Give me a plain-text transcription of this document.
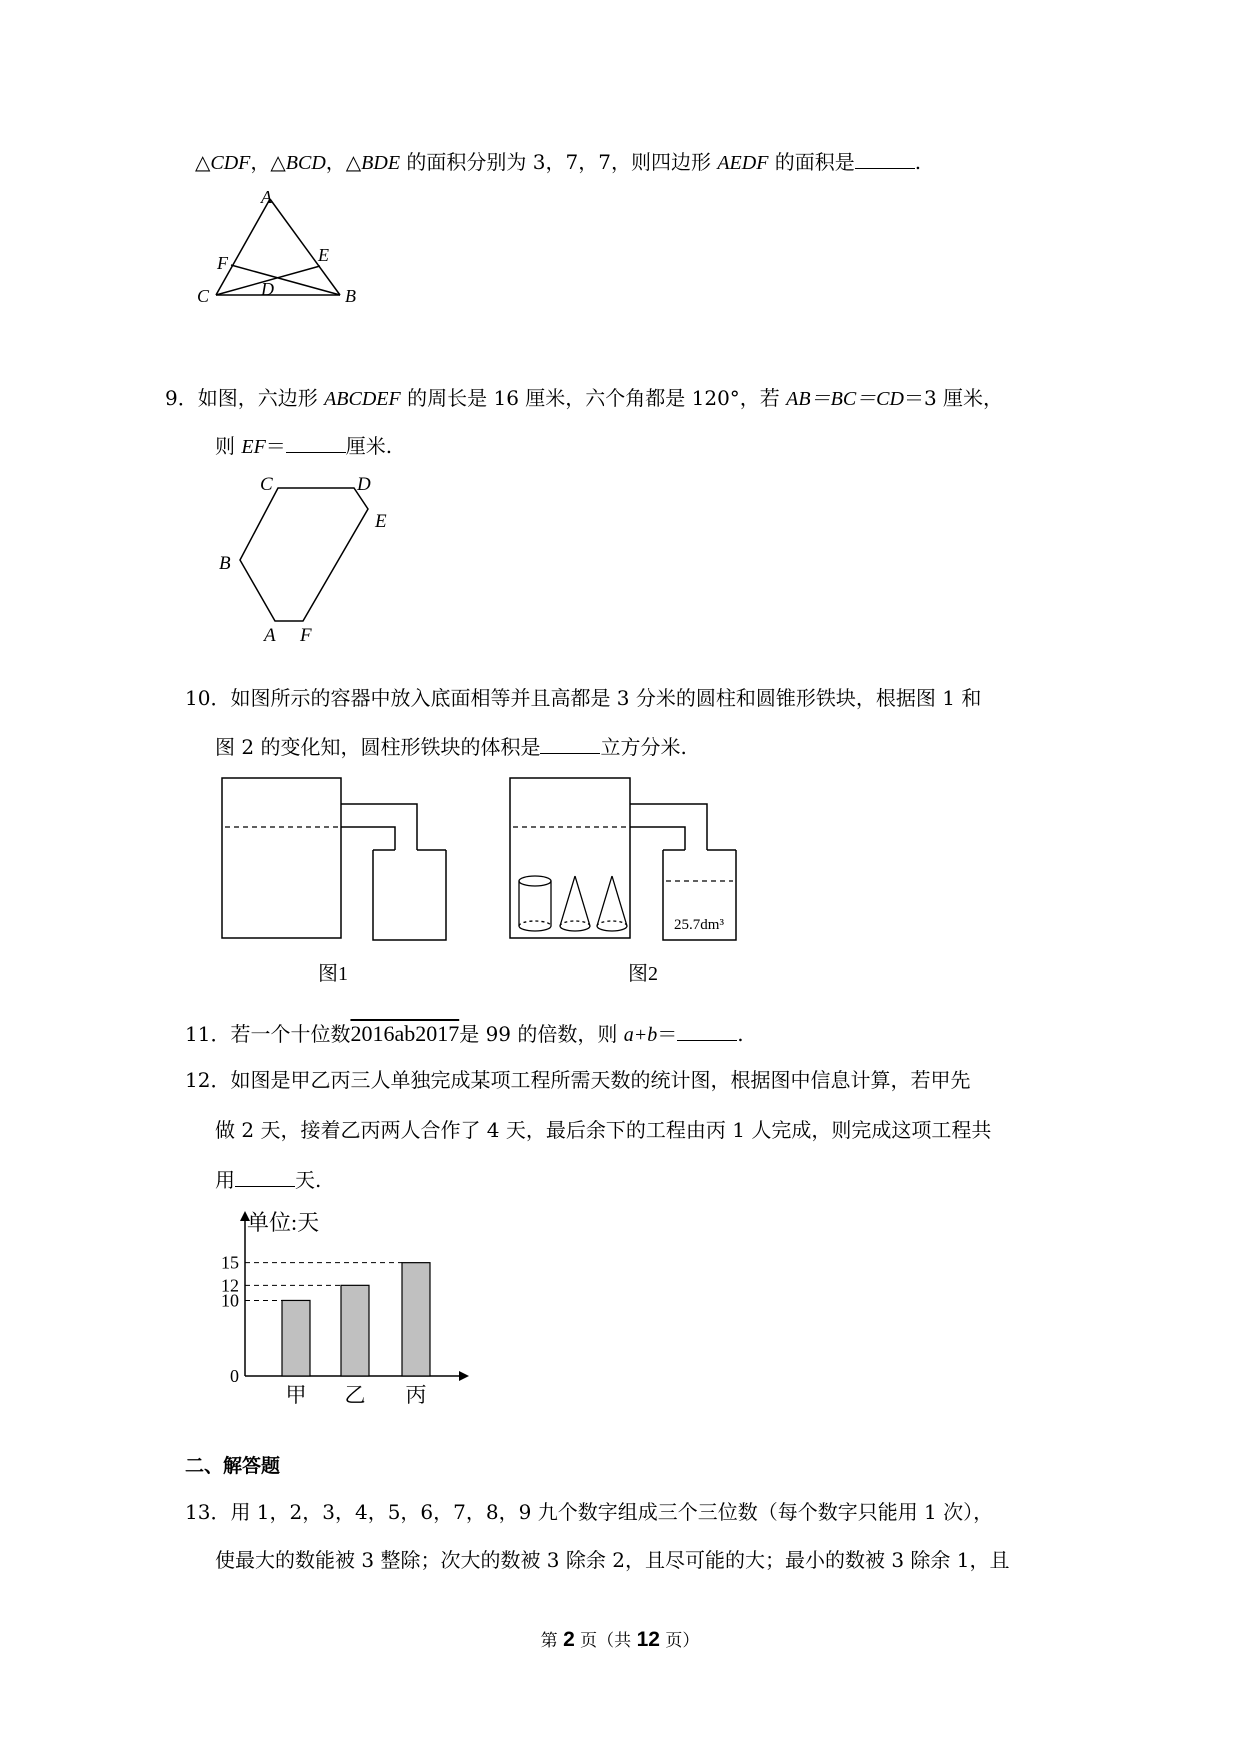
△CDF，△BCD，△BDE 的面积分别为 3，7，7，则四边形 AEDF 的面积是	.
A
F	E
C	D	B
9．如图，六边形 ABCDEF 的周长是 16 厘米，六个角都是 120°，若 AB＝BC＝CD＝3 厘米，
则 EF＝	厘米.
C	D
E
B
A F
10．如图所示的容器中放入底面相等并且高都是 3 分米的圆柱和圆锥形铁块，根据图 1 和
图 2 的变化知，圆柱形铁块的体积是	立方分米.
图1
25.7dm³
图2
11．若一个十位数2016ab2017是 99 的倍数，则 a+b＝	.
12．如图是甲乙丙三人单独完成某项工程所需天数的统计图，根据图中信息计算，若甲先
做 2 天，接着乙丙两人合作了 4 天，最后余下的工程由丙 1 人完成，则完成这项工程共
用	天.
单位:天
甲 乙 丙
0
10
12
15
二、解答题
13．用 1，2，3，4，5，6，7，8，9 九个数字组成三个三位数（每个数字只能用 1 次），
使最大的数能被 3 整除；次大的数被 3 除余 2，且尽可能的大；最小的数被 3 除余 1，且
第 2 页（共 12 页）
